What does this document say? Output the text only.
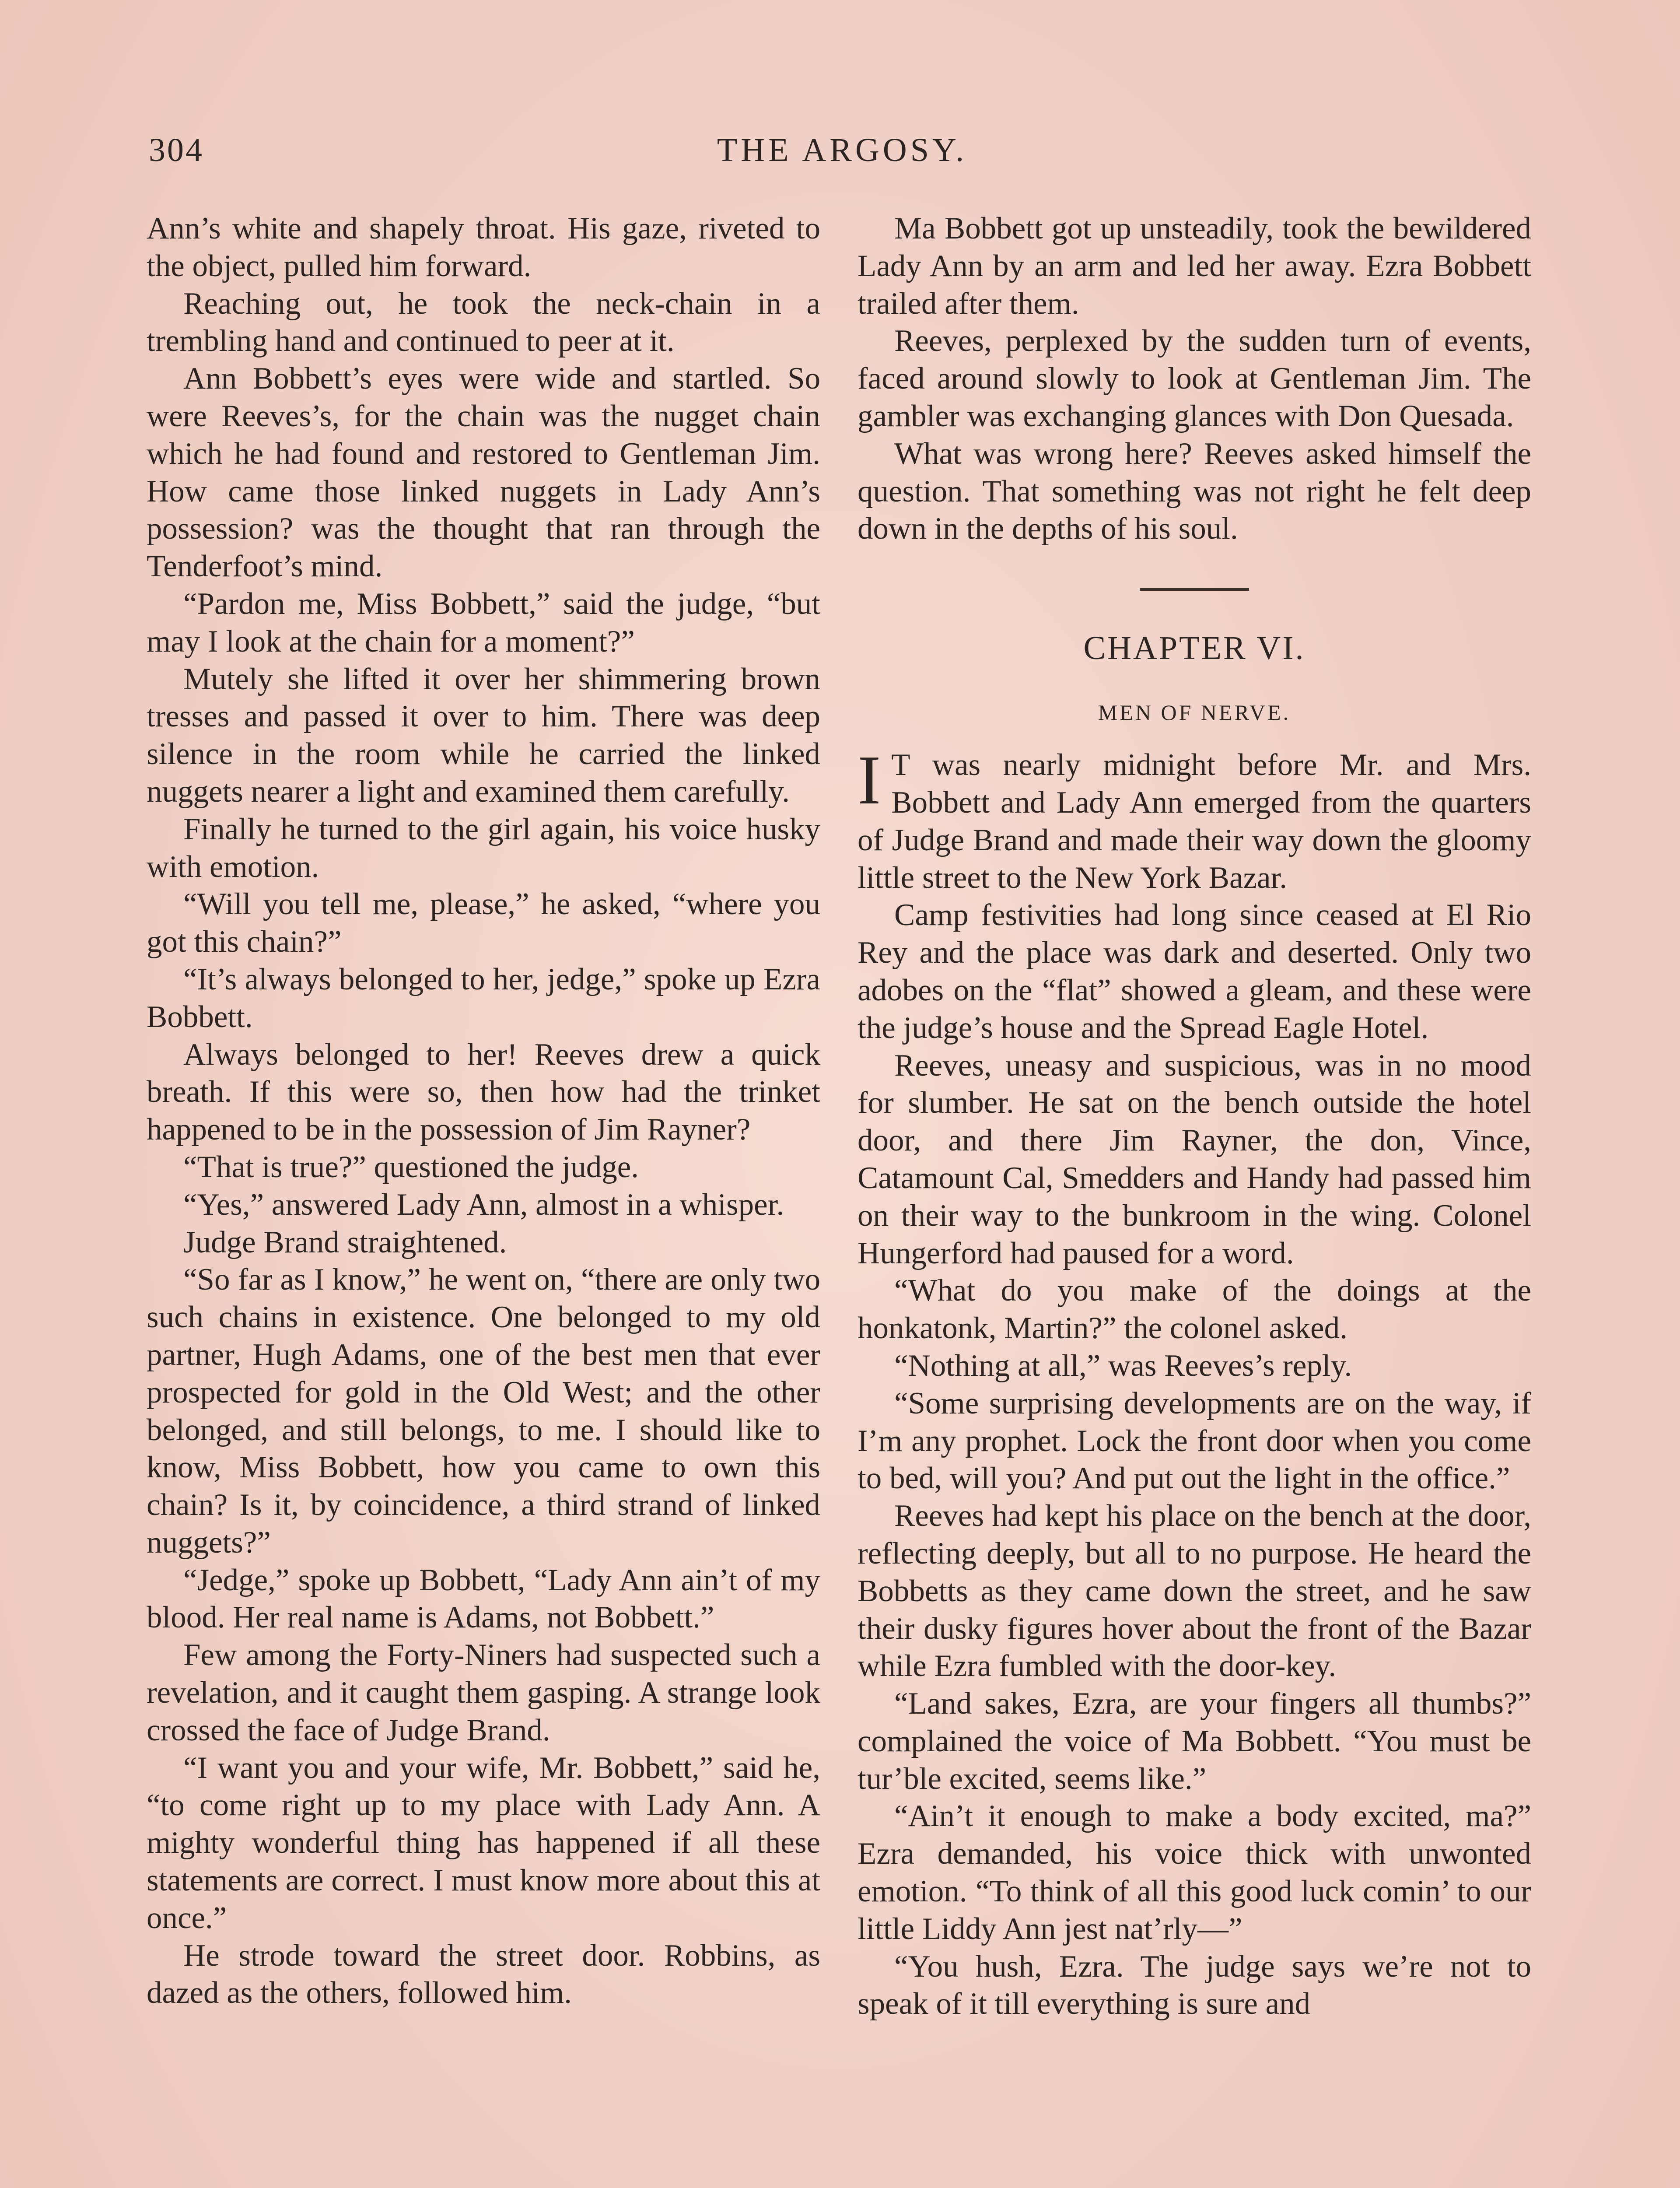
304	THE ARGOSY.

Ann’s white and shapely throat. His gaze, riveted to the object, pulled him forward.

Reaching out, he took the neck-chain in a trembling hand and continued to peer at it.

Ann Bobbett’s eyes were wide and startled. So were Reeves’s, for the chain was the nugget chain which he had found and restored to Gentleman Jim. How came those linked nuggets in Lady Ann’s possession? was the thought that ran through the Tenderfoot’s mind.

“Pardon me, Miss Bobbett,” said the judge, “but may I look at the chain for a moment?”

Mutely she lifted it over her shimmering brown tresses and passed it over to him. There was deep silence in the room while he carried the linked nuggets nearer a light and examined them carefully.

Finally he turned to the girl again, his voice husky with emotion.

“Will you tell me, please,” he asked, “where you got this chain?”

“It’s always belonged to her, jedge,” spoke up Ezra Bobbett.

Always belonged to her! Reeves drew a quick breath. If this were so, then how had the trinket happened to be in the possession of Jim Rayner?

“That is true?” questioned the judge.

“Yes,” answered Lady Ann, almost in a whisper.

Judge Brand straightened.

“So far as I know,” he went on, “there are only two such chains in existence. One belonged to my old partner, Hugh Adams, one of the best men that ever prospected for gold in the Old West; and the other belonged, and still belongs, to me. I should like to know, Miss Bobbett, how you came to own this chain? Is it, by coincidence, a third strand of linked nuggets?”

“Jedge,” spoke up Bobbett, “Lady Ann ain’t of my blood. Her real name is Adams, not Bobbett.”

Few among the Forty-Niners had suspected such a revelation, and it caught them gasping. A strange look crossed the face of Judge Brand.

“I want you and your wife, Mr. Bobbett,” said he, “to come right up to my place with Lady Ann. A mighty wonderful thing has happened if all these statements are correct. I must know more about this at once.”

He strode toward the street door. Robbins, as dazed as the others, followed him.

Ma Bobbett got up unsteadily, took the bewildered Lady Ann by an arm and led her away. Ezra Bobbett trailed after them.

Reeves, perplexed by the sudden turn of events, faced around slowly to look at Gentleman Jim. The gambler was exchanging glances with Don Quesada.

What was wrong here? Reeves asked himself the question. That something was not right he felt deep down in the depths of his soul.

CHAPTER VI.
MEN OF NERVE.

I T was nearly midnight before Mr. and Mrs. Bobbett and Lady Ann emerged from the quarters of Judge Brand and made their way down the gloomy little street to the New York Bazar.

Camp festivities had long since ceased at El Rio Rey and the place was dark and deserted. Only two adobes on the “flat” showed a gleam, and these were the judge’s house and the Spread Eagle Hotel.

Reeves, uneasy and suspicious, was in no mood for slumber. He sat on the bench outside the hotel door, and there Jim Rayner, the don, Vince, Catamount Cal, Smedders and Handy had passed him on their way to the bunkroom in the wing. Colonel Hungerford had paused for a word.

“What do you make of the doings at the honkatonk, Martin?” the colonel asked.

“Nothing at all,” was Reeves’s reply.

“Some surprising developments are on the way, if I’m any prophet. Lock the front door when you come to bed, will you? And put out the light in the office.”

Reeves had kept his place on the bench at the door, reflecting deeply, but all to no purpose. He heard the Bobbetts as they came down the street, and he saw their dusky figures hover about the front of the Bazar while Ezra fumbled with the door-key.

“Land sakes, Ezra, are your fingers all thumbs?” complained the voice of Ma Bobbett. “You must be tur’ble excited, seems like.”

“Ain’t it enough to make a body excited, ma?” Ezra demanded, his voice thick with unwonted emotion. “To think of all this good luck comin’ to our little Liddy Ann jest nat’rly—”

“You hush, Ezra. The judge says we’re not to speak of it till everything is sure and
